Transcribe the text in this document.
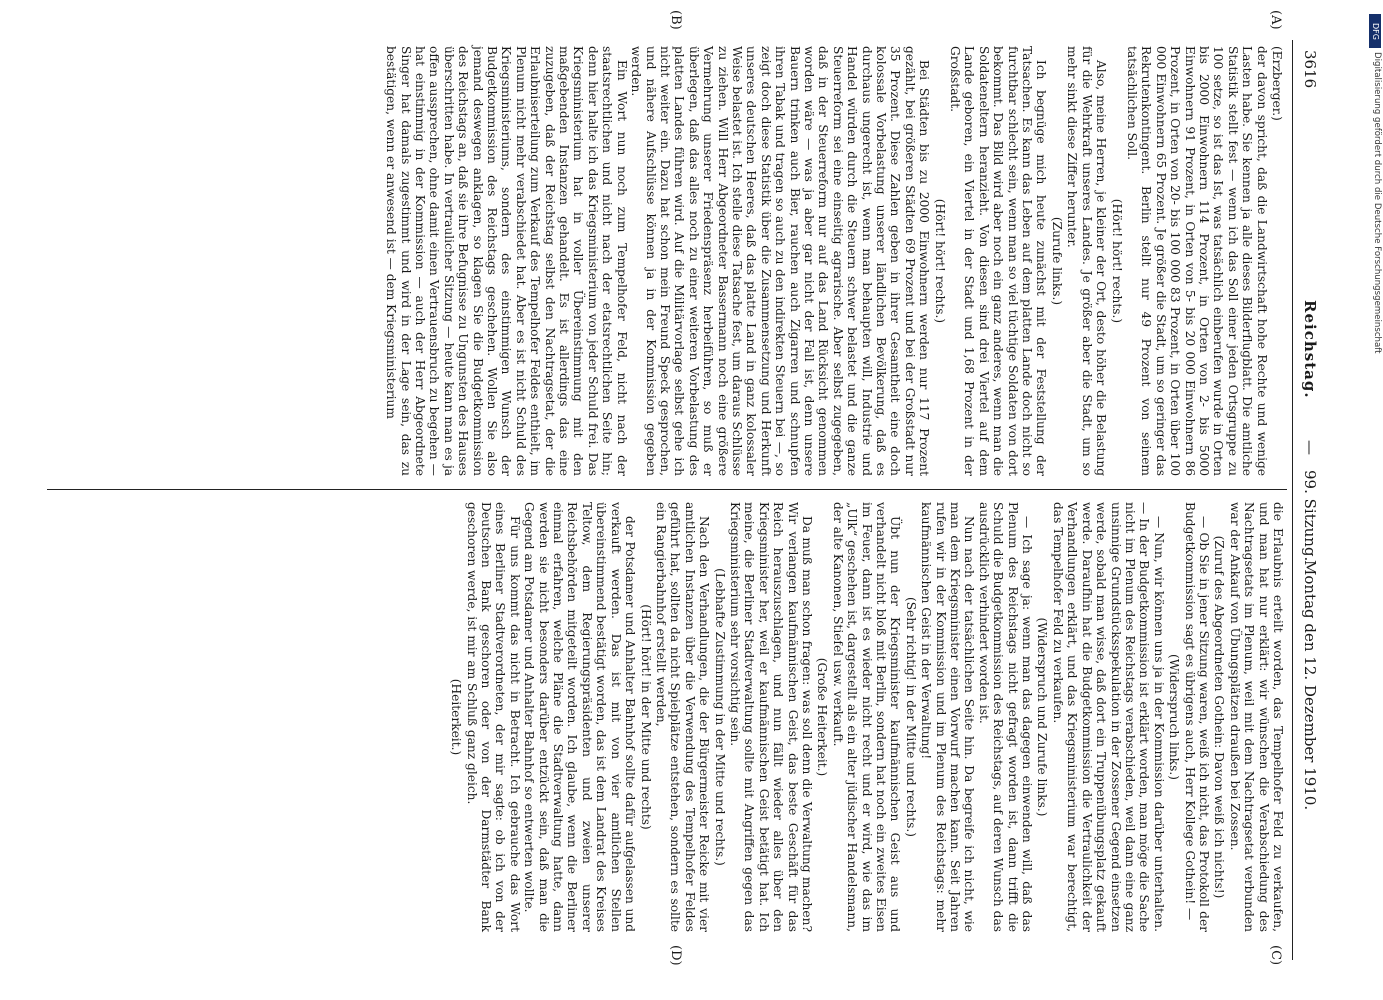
3616
Reichstag.
—
99. Sitzung.
Montag den 12. Dezember 1910.
(A)
(B)
(C)
(D)

(Erzberger.)

der davon spricht, daß die Landwirtschaft hohe Rechte und wenige Lasten habe. Sie kennen ja alle dieses Bilderflugblatt. Die amtliche Statistik stellt fest — wenn ich das Soll einer jeden Ortsgruppe zu 100 setze, so ist das Ist, was tatsächlich einberufen wurde in Orten bis 2000 Einwohnern 114 Prozent, in Orten von 2- bis 5000 Einwohnern 91 Prozent, in Orten von 5- bis 20 000 Einwohnern 86 Prozent, in Orten von 20- bis 100 000 83 Prozent, in Orten über 100 000 Einwohnern 65 Prozent. Je größer die Stadt, um so geringer das Rekrutenkontingent. Berlin stellt nur 49 Prozent von seinem tatsächlichen Soll.

(Hört! hört! rechts.)

Also, meine Herren, je kleiner der Ort, desto höher die Belastung für die Wehrkraft unseres Landes. Je größer aber die Stadt, um so mehr sinkt diese Ziffer herunter.

(Zurufe links.)

Ich begnüge mich heute zunächst mit der Feststellung der Tatsachen. Es kann das Leben auf dem platten Lande doch nicht so furchtbar schlecht sein, wenn man so viel tüchtige Soldaten von dort bekommt. Das Bild wird aber noch ein ganz anderes, wenn man die Soldateneltern heranzieht. Von diesen sind drei Viertel auf dem Lande geboren, ein Viertel in der Stadt und 1,68 Prozent in der Großstadt.

(Hört! hört! rechts.)

Bei Städten bis zu 2000 Einwohnern werden nur 117 Prozent gezählt, bei größeren Städten 69 Prozent und bei der Großstadt nur 35 Prozent. Diese Zahlen geben in ihrer Gesamtheit eine doch kolossale Vorbelastung unserer ländlichen Bevölkerung, daß es durchaus ungerecht ist, wenn man behaupten will, Industrie und Handel würden durch die Steuern schwer belastet und die ganze Steuerreform sei eine einseitig agrarische. Aber selbst zugegeben, daß in der Steuerreform nur auf das Land Rücksicht genommen worden wäre — was ja aber gar nicht der Fall ist, denn unsere Bauern trinken auch Bier, rauchen auch Zigarren und schnupfen ihren Tabak und tragen so auch zu den indirekten Steuern bei —, so zeigt doch diese Statistik über die Zusammensetzung und Herkunft unseres deutschen Heeres, daß das platte Land in ganz kolossaler Weise belastet ist. Ich stelle diese Tatsache fest, um daraus Schlüsse zu ziehen. Will Herr Abgeordneter Bassermann noch eine größere Vermehrung unserer Friedenspräsenz herbeiführen, so muß er überlegen, daß das alles noch zu einer weiteren Vorbelastung des platten Landes führen wird. Auf die Militärvorlage selbst gehe ich nicht weiter ein. Dazu hat schon mein Freund Speck gesprochen, und nähere Aufschlüsse können ja in der Kommission gegeben werden.

Ein Wort nun noch zum Tempelhofer Feld, nicht nach der staatsrechtlichen und nicht nach der etatsrechtlichen Seite hin; denn hier halte ich das Kriegsministerium von jeder Schuld frei. Das Kriegsministerium hat in voller Übereinstimmung mit den maßgebenden Instanzen gehandelt. Es ist allerdings das eine zuzugeben, daß der Reichstag selbst den Nachtragsetat, der die Erlaubniserteilung zum Verkauf des Tempelhofer Feldes enthielt, im Plenum nicht mehr verabschiedet hat. Aber es ist nicht Schuld des Kriegsministeriums, sondern des einstimmigen Wunsch der Budgetkommission des Reichstags geschehen. Wollen Sie also jemand deswegen anklagen, so klagen Sie die Budgetkommission des Reichstags an, daß sie ihre Befugnisse zu Ungunsten des Hauses überschritten habe. In vertraulicher Sitzung — heute kann man es ja offen aussprechen, ohne damit einen Vertrauensbruch zu begehen — hat einstimmig in der Kommission — auch der Herr Abgeordnete Singer hat damals zugestimmt und wird in der Lage sein, das zu bestätigen, wenn er anwesend ist — dem Kriegsministerium

die Erlaubnis erteilt worden, das Tempelhofer Feld zu verkaufen, und man hat nur erklärt: wir wünschen die Verabschiedung des Nachtragsetats im Plenum, weil mit dem Nachtragsetat verbunden war der Ankauf von Übungsplätzen draußen bei Zossen.

(Zuruf des Abgeordneten Gothein: Davon weiß ich nichts!)

— Ob Sie in jener Sitzung waren, weiß ich nicht, das Protokoll der Budgetkommission sagt es übrigens auch, Herr Kollege Gothein! —

(Widerspruch links.)

— Nun, wir können uns ja in der Kommission darüber unterhalten. — In der Budgetkommission ist erklärt worden, man möge die Sache nicht im Plenum des Reichstags verabschieden, weil dann eine ganz unsinnige Grundstücksspekulation in der Zossener Gegend einsetzen werde, sobald man wisse, daß dort ein Truppenübungsplatz gekauft werde. Daraufhin hat die Budgetkommission die Vertraulichkeit der Verhandlungen erklärt, und das Kriegsministerium war berechtigt, das Tempelhofer Feld zu verkaufen.

(Widerspruch und Zurufe links.)

— Ich sage ja: wenn man das dagegen einwenden will, daß das Plenum des Reichstags nicht gefragt worden ist, dann trifft die Schuld die Budgetkommission des Reichstags, auf deren Wunsch das ausdrücklich verhindert worden ist.

Nun nach der tatsächlichen Seite hin. Da begreife ich nicht, wie man dem Kriegsminister einen Vorwurf machen kann. Seit Jahren rufen wir in der Kommission und im Plenum des Reichstags: mehr kaufmännischen Geist in der Verwaltung!

(Sehr richtig! in der Mitte und rechts.)

Übt nun der Kriegsminister kaufmännischen Geist aus und verhandelt nicht bloß mit Berlin, sondern hat noch ein zweites Eisen im Feuer, dann ist es wieder nicht recht und er wird, wie das im „Ulk“ geschehen ist, dargestellt als ein alter jüdischer Handelsmann, der alte Kanonen, Stiefel usw. verkauft.

(Große Heiterkeit.)

Da muß man schon fragen: was soll denn die Verwaltung machen? Wir verlangen kaufmännischen Geist, das beste Geschäft für das Reich herauszuschlagen, und nun fällt wieder alles über den Kriegsminister her, weil er kaufmännischen Geist betätigt hat. Ich meine, die Berliner Stadtverwaltung sollte mit Angriffen gegen das Kriegsministerium sehr vorsichtig sein.

(Lebhafte Zustimmung in der Mitte und rechts.)

Nach den Verhandlungen, die der Bürgermeister Reicke mit vier amtlichen Instanzen über die Verwendung des Tempelhofer Feldes geführt hat, sollten da nicht Spielplätze entstehen, sondern es sollte ein Rangierbahnhof erstellt werden,

(Hört! hört! in der Mitte und rechts)

der Potsdamer und Anhalter Bahnhof sollte dafür aufgelassen und verkauft werden. Das ist mit von vier amtlichen Stellen übereinstimmend bestätigt worden, das ist dem Landrat des Kreises Teltow, dem Regierungspräsidenten und zweien unserer Reichsbehörden mitgeteilt worden. Ich glaube, wenn die Berliner einmal erfahren, welche Pläne die Stadtverwaltung hatte, dann werden sie nicht besonders darüber entzückt sein, daß man die Gegend am Potsdamer und Anhalter Bahnhof so entwerten wollte.

Für uns kommt das nicht in Betracht. Ich gebrauche das Wort eines Berliner Stadtverordneten, der mir sagte: ob ich von der Deutschen Bank geschoren oder von der Darmstädter Bank geschoren werde, ist mir am Schluß ganz gleich.

(Heiterkeit.)

DFG
Digitalisierung gefördert durch die Deutsche Forschungsgemeinschaft
